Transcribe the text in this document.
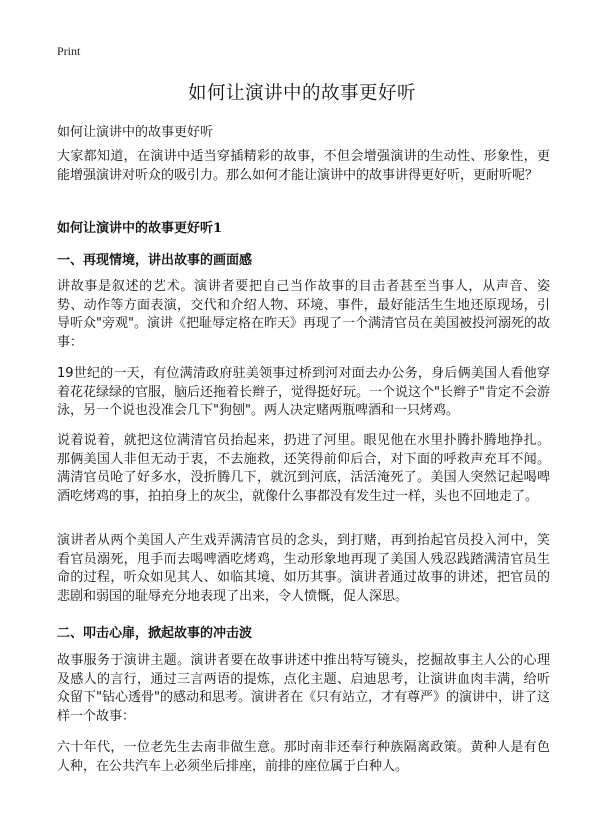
Print
如何让演讲中的故事更好听
如何让演讲中的故事更好听

大家都知道，在演讲中适当穿插精彩的故事，不但会增强演讲的生动性、形象性，更能增强演讲对听众的吸引力。那么如何才能让演讲中的故事讲得更好听，更耐听呢？

如何让演讲中的故事更好听1

一、再现情境，讲出故事的画面感

讲故事是叙述的艺术。演讲者要把自己当作故事的目击者甚至当事人，从声音、姿势、动作等方面表演，交代和介绍人物、环境、事件，最好能活生生地还原现场，引导听众"旁观"。演讲《把耻辱定格在昨天》再现了一个满清官员在美国被投河溺死的故事：

19世纪的一天，有位满清政府驻美领事过桥到河对面去办公务，身后俩美国人看他穿着花花绿绿的官服，脑后还拖着长辫子，觉得挺好玩。一个说这个"长辫子"肯定不会游泳，另一个说也没准会几下"狗刨"。两人决定赌两瓶啤酒和一只烤鸡。

说着说着，就把这位满清官员抬起来，扔进了河里。眼见他在水里扑腾扑腾地挣扎。那俩美国人非但无动于衷，不去施救，还笑得前仰后合，对下面的呼救声充耳不闻。满清官员呛了好多水，没折腾几下，就沉到河底，活活淹死了。美国人突然记起喝啤酒吃烤鸡的事，拍拍身上的灰尘，就像什么事都没有发生过一样，头也不回地走了。

演讲者从两个美国人产生戏弄满清官员的念头，到打赌，再到抬起官员投入河中，笑看官员溺死，甩手而去喝啤酒吃烤鸡，生动形象地再现了美国人残忍践踏满清官员生命的过程，听众如见其人、如临其境、如历其事。演讲者通过故事的讲述，把官员的悲剧和弱国的耻辱充分地表现了出来，令人愤慨，促人深思。

二、叩击心扉，掀起故事的冲击波

故事服务于演讲主题。演讲者要在故事讲述中推出特写镜头，挖掘故事主人公的心理及感人的言行，通过三言两语的提炼，点化主题、启迪思考，让演讲血肉丰满，给听众留下"钻心透骨"的感动和思考。演讲者在《只有站立，才有尊严》的演讲中，讲了这样一个故事：

六十年代，一位老先生去南非做生意。那时南非还奉行种族隔离政策。黄种人是有色人种，在公共汽车上必须坐后排座，前排的座位属于白种人。
